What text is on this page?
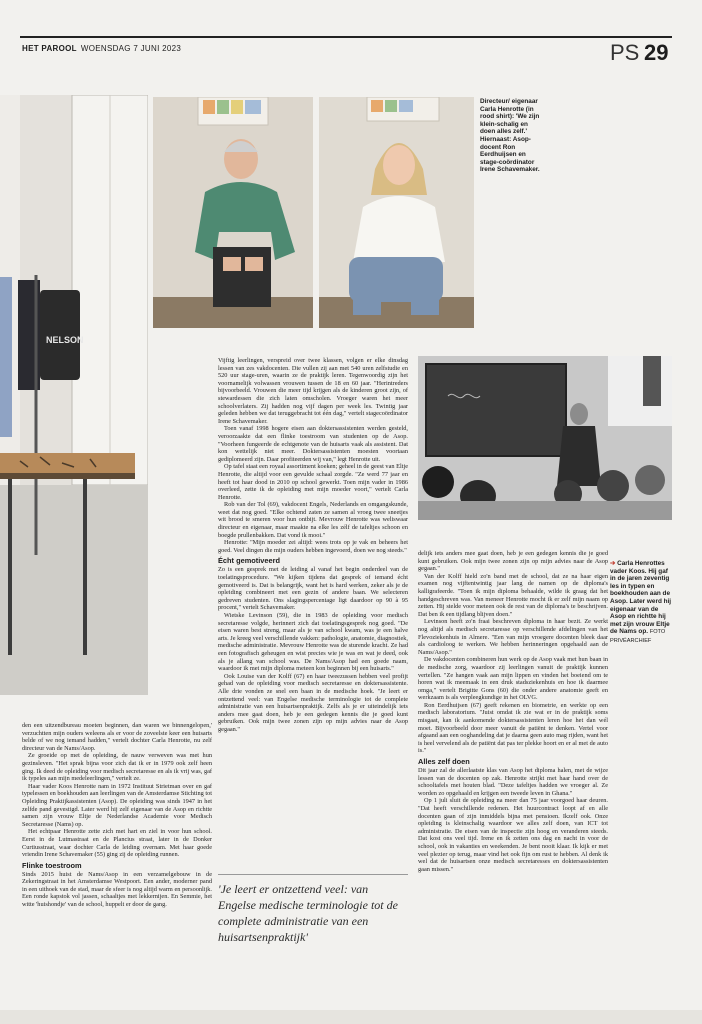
HET PAROOL WOENSDAG 7 JUNI 2023	PS 29
NELSON
Directeur/ eigenaar Carla Henrotte (in rood shirt): 'We zijn klein-schalig en doen alles zelf.' Hiernaast: Asop-docent Ron Eerdhuijsen en stage-coördinator Irene Schavemaker.
➔ Carla Henrottes vader Koos. Hij gaf in de jaren zeventig les in typen en boekhouden aan de Asop. Later werd hij eigenaar van de Asop en richtte hij met zijn vrouw Eltje de Nams op. FOTO PRIVÉARCHIEF

Vijftig leerlingen, verspreid over twee klassen, volgen er elke dinsdag lessen van zes vakdocenten. Die vullen zij aan met 540 uren zelfstudie en 520 uur stage-uren, waarin ze de praktijk leren. Tegenwoordig zijn het voornamelijk volwassen vrouwen tussen de 18 en 60 jaar. "Herintreders bijvoorbeeld. Vrouwen die meer tijd krijgen als de kinderen groot zijn, of stewardessen die zich laten omscholen. Vroeger waren het meer schoolverlaters. Zij hadden nog vijf dagen per week les. Twintig jaar geleden hebben we dat teruggebracht tot één dag," vertelt stagecoördinator Irene Schavemaker.

Toen vanaf 1998 hogere eisen aan doktersassistenten werden gesteld, veroorzaakte dat een flinke toestroom van studenten op de Asop. "Voorheen fungeerde de echtgenote van de huisarts vaak als assistent. Dat kon wettelijk niet meer. Doktersassistenten moesten voortaan gediplomeerd zijn. Daar profiteerden wij van," legt Henrotte uit.

Op tafel staat een royaal assortiment koeken; geheel in de geest van Eltje Henrotte, die altijd voor een gevulde schaal zorgde. "Ze werd 77 jaar en heeft tot haar dood in 2010 op school gewerkt. Toen mijn vader in 1986 overleed, zette ik de opleiding met mijn moeder voort," vertelt Carla Henrotte.

Rob van der Tol (69), vakdocent Engels, Nederlands en omgangskunde, weet dat nog goed. "Elke ochtend zaten ze samen al vroeg twee sneetjes wit brood te smeren voor hun ontbijt. Mevrouw Henrotte was weliswaar directeur en eigenaar, maar maakte na elke les zélf de tafeltjes schoon en boegde prullenbakken. Dat vond ik mooi."

Henrotte: "Mijn moeder zei altijd: wees trots op je vak en beheers het goed. Veel dingen die mijn ouders hebben ingevoerd, doen we nog steeds."

Écht gemotiveerd

Zo is een gesprek met de leiding al vanaf het begin onderdeel van de toelatingsprocedure. "We kijken tijdens dat gesprek of iemand écht gemotiveerd is. Dat is belangrijk, want het is hard werken, zeker als je de opleiding combineert met een gezin of andere baan. We selecteren gedreven studenten. Ons slagingspercentage ligt daardoor op 90 à 95 procent," vertelt Schavemaker.

Wietske Levinson (59), die in 1983 de opleiding voor medisch secretaresse volgde, herinnert zich dat toelatingsgesprek nog goed. "De eisen waren best streng, maar als je van school kwam, was je een halve arts. Je kreeg veel verschillende vakken: pathologie, anatomie, diagnostiek, medische administratie. Mevrouw Henrotte was de sturende kracht. Ze had een fotografisch geheugen en wist precies wie je was en wat je deed, ook als je allang van school was. De Nams/Asop had een goede naam, waardoor ik met mijn diploma meteen kon beginnen bij een huisarts."

Ook Louise van der Kolff (67) en haar tweezussen hebben veel profijt gehad van de opleiding voor medisch secretaresse en doktersassistente. Alle drie vonden ze snel een baan in de medische hoek. "Je leert er ontzettend veel: van Engelse medische terminologie tot de complete administratie van een huisartsenpraktijk. Zelfs als je er uiteindelijk iets anders mee gaat doen, heb je een gedegen kennis die je goed kunt gebruiken. Ook mijn twee zonen zijn op mijn advies naar de Asop gegaan."

den een uitzendbureau moeten beginnen, dan waren we binnengelopen,' verzuchtten mijn ouders weleens als er voor de zoveelste keer een huisarts belde of we nog iemand hadden," vertelt dochter Carla Henrotte, nu zelf directeur van de Nams/Asop.

Ze groeide op met de opleiding, de nauw verweven was met hun gezinsleven. "Het sprak bijna voor zich dat ik er in 1979 ook zelf heen ging. Ik deed de opleiding voor medisch secretaresse en als ik vrij was, gaf ik typeles aan mijn medeleerlingen," vertelt ze.

Haar vader Koos Henrotte nam in 1972 Instituut Strietman over en gaf typelessen en boekhouden aan leerlingen van de Amsterdamse Stichting tot Opleiding Praktijkassistenten (Asop). De opleiding was sinds 1947 in het zelfde pand gevestigd. Later werd hij zelf eigenaar van de Asop en richtte samen zijn vrouw Eltje de Nederlandse Academie voor Medisch Secretaresse (Nams) op.

Het echtpaar Henrotte zette zich met hart en ziel in voor hun school. Eerst in de Lutmastraat en de Plancius straat, later in de Donker Curtiusstraat, waar dochter Carla de leiding overnam. Met haar goede vriendin Irene Schavemaker (55) ging zij de opleiding runnen.

Flinke toestroom

Sinds 2015 huist de Nams/Asop in een verzamelgebouw in de Zekeringstraat in het Amsterdamse Westpoort. Een ander, moderner pand in een uithoek van de stad, maar de sfeer is nog altijd warm en persoonlijk. Een ronde kapstok vol jassen, schaaltjes met lekkernijen. En Semmie, het witte 'huishondje' van de school, huppelt er door de gang.

delijk iets anders mee gaat doen, heb je een gedegen kennis die je goed kunt gebruiken. Ook mijn twee zonen zijn op mijn advies naar de Asop gegaan."

Van der Kolff hield zo'n band met de school, dat ze na haar eigen examen nog vijftentwintig jaar lang de namen op de diploma's kalligrafeerde. "Toen ik mijn diploma behaalde, wilde ik graag dat het handgeschreven was. Van meneer Henrotte mocht ik er zelf mijn naam op zetten. Hij stelde voor meteen ook de rest van de diploma's te beschrijven. Dat ben ik een tijdlang blijven doen."

Levinson heeft zo'n fraai beschreven diploma in haar bezit. Ze werkt nog altijd als medisch secretaresse op verschillende afdelingen van het Flevoziekenhuis in Almere. "Een van mijn vroegere docenten bleek daar als cardioloog te werken. We hebben herinneringen opgehaald aan de Nams/Asop."

De vakdocenten combineren hun werk op de Asop vaak met hun baan in de medische zorg, waardoor zij leerlingen vanuit de praktijk kunnen vertellen. "Ze hangen vaak aan mijn lippen en vinden het boeiend om te horen wat ik meemaak in een druk stadsziekenhuis en hoe ik daarmee omga," vertelt Brigitte Gons (60) die onder andere anatomie geeft en werkzaam is als verpleegkundige in het OLVG.

Ron Eerdhuijsen (67) geeft rekenen en biometrie, en werkte op een medisch laboratorium. "Juist omdat ik zie wat er in de praktijk soms misgaat, kan ik aankomende doktersassistenten leren hoe het dan wél moet. Bijvoorbeeld door meer vanuit de patiënt te denken. Vertel voor afgaand aan een ooghandeling dat je daarna geen auto mag rijden, want het is heel vervelend als de patiënt dat pas ter plekke hoort en er al met de auto is."

Alles zelf doen

Dit jaar zal de allerlaatste klas van Asop het diploma halen, met de wijze lessen van de docenten op zak. Henrotte strijkt met haar hand over de schooltafels met houten blad. "Deze tafeltjes hadden we vroeger al. Ze worden zo opgehaald en krijgen een tweede leven in Ghana."

Op 1 juli sluit de opleiding na meer dan 75 jaar voorgoed haar deuren. "Dat heeft verschillende redenen. Het huurcontract loopt af en alle docenten gaan of zijn inmiddels bijna met pensioen. Ikzelf ook. Onze opleiding is kleinschalig waardoor we alles zelf doen, van ICT tot administratie. De eisen van de inspectie zijn hoog en veranderen steeds. Dat kost ons veel tijd. Irene en ik zetten ons dag en nacht in voor de school, ook in vakanties en weekenden. Je bent nooit klaar. Ik kijk er met veel plezier op terug, maar vind het ook fijn om rust te hebben. Al denk ik wel dat de huisartsen onze medisch secretaresses en doktersassistenten gaan missen."

'Je leert er ontzettend veel: van Engelse medische terminologie tot de complete administratie van een huisartsenpraktijk'
